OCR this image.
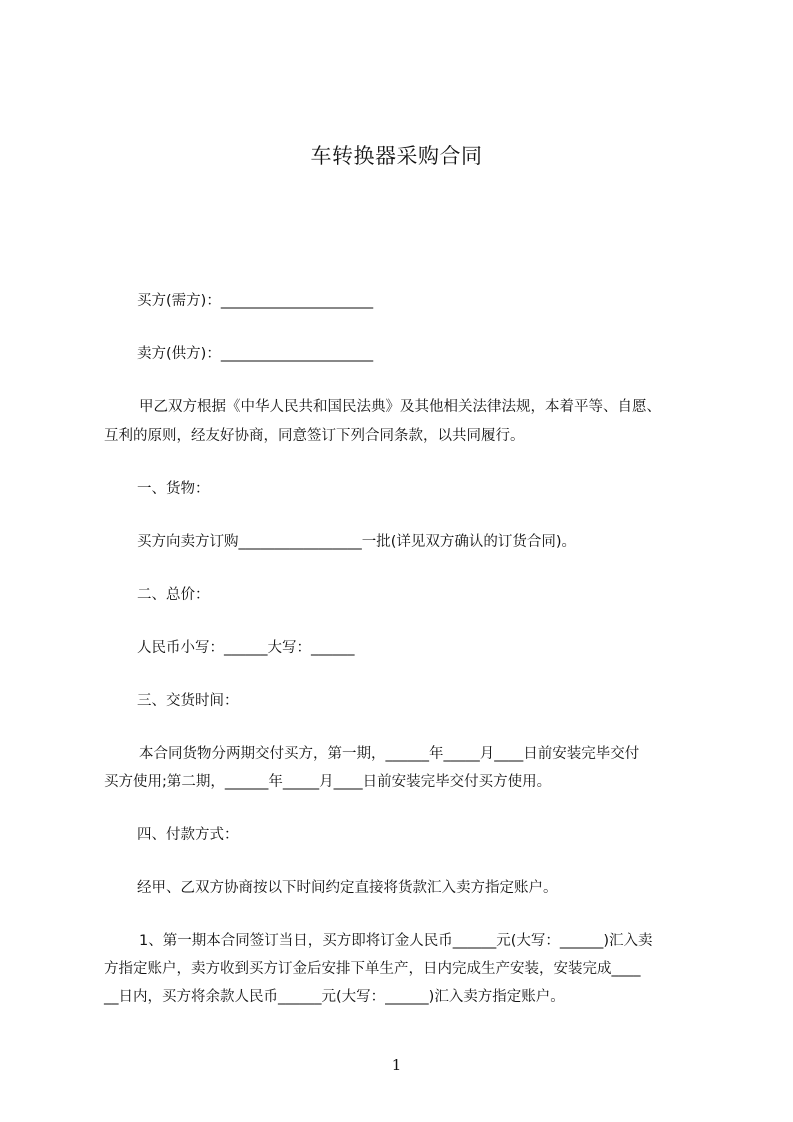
车转换器采购合同
买方(需方)：_____________________
卖方(供方)：_____________________
甲乙双方根据《中华人民共和国民法典》及其他相关法律法规，本着平等、自愿、
互利的原则，经友好协商，同意签订下列合同条款，以共同履行。
一、货物：
买方向卖方订购_________________一批(详见双方确认的订货合同)。
二、总价：
人民币小写：______大写：______
三、交货时间：
本合同货物分两期交付买方，第一期，______年_____月____日前安装完毕交付
买方使用;第二期，______年_____月____日前安装完毕交付买方使用。
四、付款方式：
经甲、乙双方协商按以下时间约定直接将货款汇入卖方指定账户。
1、第一期本合同签订当日，买方即将订金人民币______元(大写：______)汇入卖
方指定账户，卖方收到买方订金后安排下单生产，日内完成生产安装，安装完成____
__日内，买方将余款人民币______元(大写：______)汇入卖方指定账户。
1
